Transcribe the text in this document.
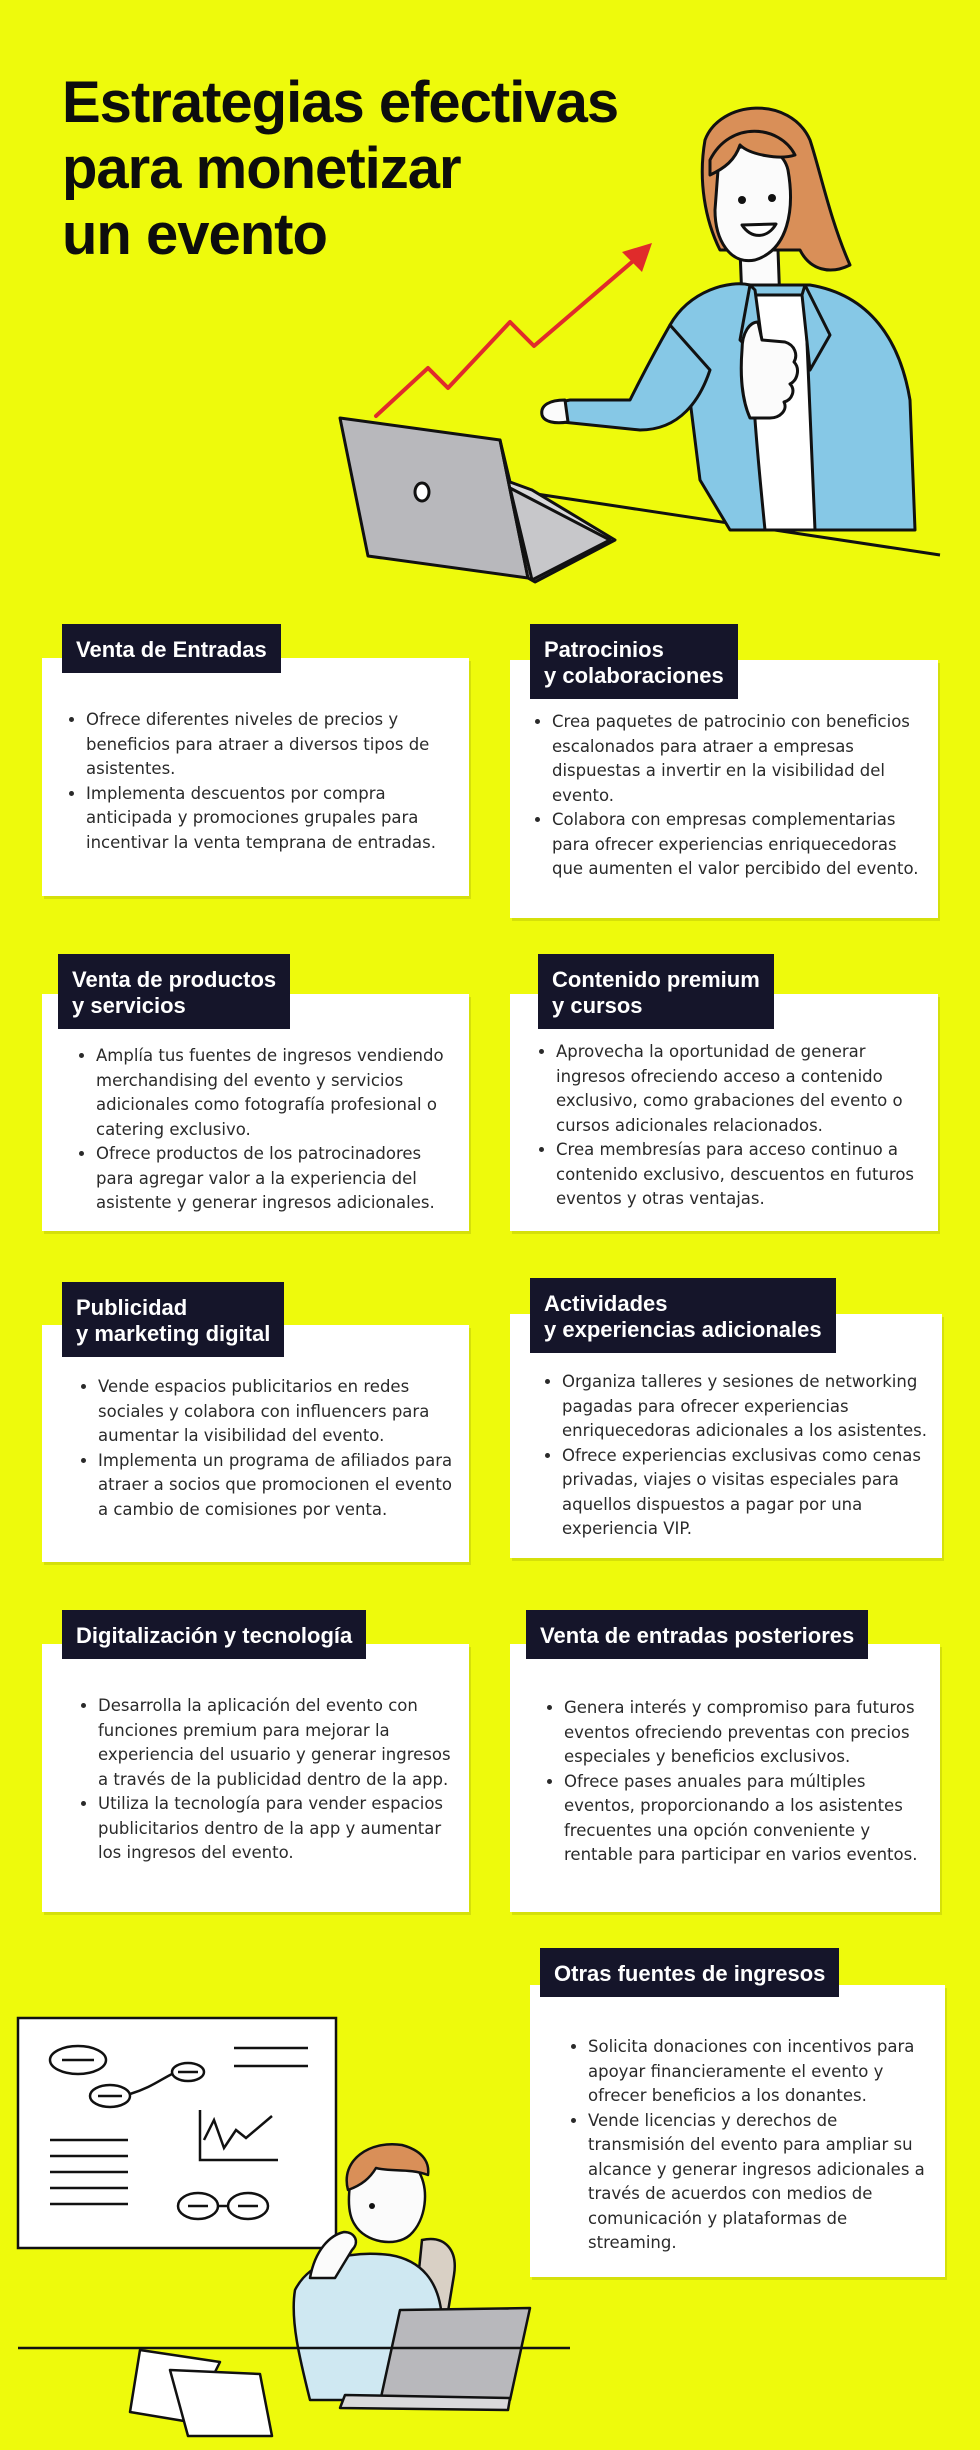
Estrategias efectivas
para monetizar
un evento
• Ofrece diferentes niveles de precios y beneficios para atraer a diversos tipos de asistentes.
• Implementa descuentos por compra anticipada y promociones grupales para incentivar la venta temprana de entradas.
Venta de Entradas
• Crea paquetes de patrocinio con beneficios escalonados para atraer a empresas dispuestas a invertir en la visibilidad del evento.
• Colabora con empresas complementarias para ofrecer experiencias enriquecedoras que aumenten el valor percibido del evento.
Patrocinios
y colaboraciones
• Amplía tus fuentes de ingresos vendiendo merchandising del evento y servicios adicionales como fotografía profesional o catering exclusivo.
• Ofrece productos de los patrocinadores para agregar valor a la experiencia del asistente y generar ingresos adicionales.
Venta de productos
y servicios
• Aprovecha la oportunidad de generar ingresos ofreciendo acceso a contenido exclusivo, como grabaciones del evento o cursos adicionales relacionados.
• Crea membresías para acceso continuo a contenido exclusivo, descuentos en futuros eventos y otras ventajas.
Contenido premium
y cursos
• Vende espacios publicitarios en redes sociales y colabora con influencers para aumentar la visibilidad del evento.
• Implementa un programa de afiliados para atraer a socios que promocionen el evento a cambio de comisiones por venta.
Publicidad
y marketing digital
• Organiza talleres y sesiones de networking pagadas para ofrecer experiencias enriquecedoras adicionales a los asistentes.
• Ofrece experiencias exclusivas como cenas privadas, viajes o visitas especiales para aquellos dispuestos a pagar por una experiencia VIP.
Actividades
y experiencias adicionales
• Desarrolla la aplicación del evento con funciones premium para mejorar la experiencia del usuario y generar ingresos a través de la publicidad dentro de la app.
• Utiliza la tecnología para vender espacios publicitarios dentro de la app y aumentar los ingresos del evento.
Digitalización y tecnología
• Genera interés y compromiso para futuros eventos ofreciendo preventas con precios especiales y beneficios exclusivos.
• Ofrece pases anuales para múltiples eventos, proporcionando a los asistentes frecuentes una opción conveniente y rentable para participar en varios eventos.
Venta de entradas posteriores
• Solicita donaciones con incentivos para apoyar financieramente el evento y ofrecer beneficios a los donantes.
• Vende licencias y derechos de transmisión del evento para ampliar su alcance y generar ingresos adicionales a través de acuerdos con medios de comunicación y plataformas de streaming.
Otras fuentes de ingresos
